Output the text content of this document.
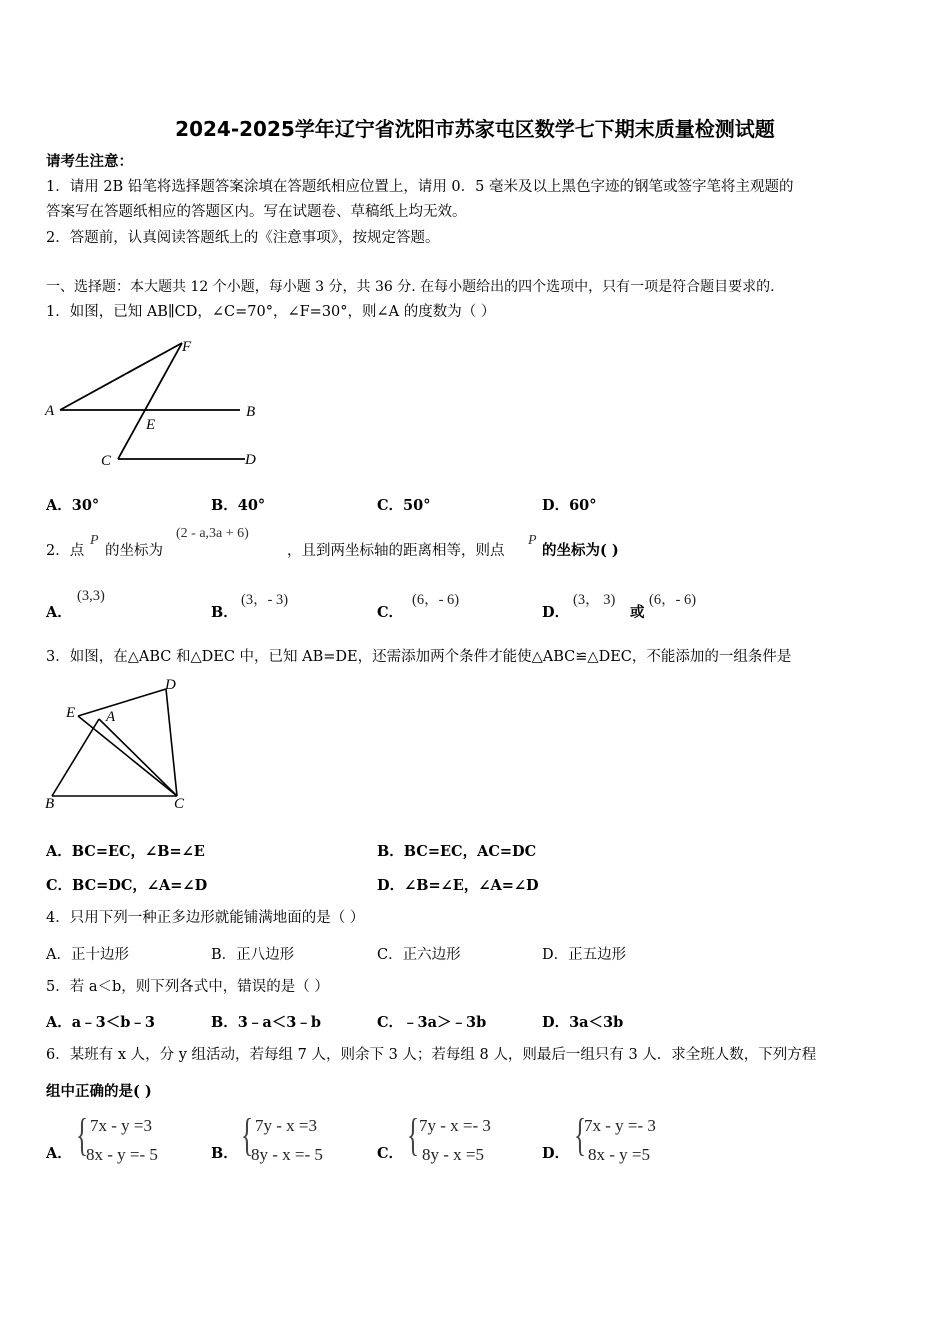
2024-2025学年辽宁省沈阳市苏家屯区数学七下期末质量检测试题
请考生注意：
1．请用 2B 铅笔将选择题答案涂填在答题纸相应位置上，请用 0．5 毫米及以上黑色字迹的钢笔或签字笔将主观题的
答案写在答题纸相应的答题区内。写在试题卷、草稿纸上均无效。
2．答题前，认真阅读答题纸上的《注意事项》，按规定答题。
一、选择题：本大题共 12 个小题，每小题 3 分，共 36 分. 在每小题给出的四个选项中，只有一项是符合题目要求的.
1．如图，已知 AB∥CD，∠C=70°，∠F=30°，则∠A 的度数为（ ）
F
A	B
E
C	D
A．30°	B．40°	C．50°	D．60°
2．点
P
的坐标为
(2 - a,3a + 6)
，且到两坐标轴的距离相等，则点
P
的坐标为( )
A．
(3,3)
B．
(3，- 3)
C．
(6，- 6)
D．
(3， 3)
或
(6，- 6)
3．如图，在△ABC 和△DEC 中，已知 AB=DE，还需添加两个条件才能使△ABC≌△DEC，不能添加的一组条件是
D
E A
B	C
A．BC=EC，∠B=∠E	B．BC=EC，AC=DC
C．BC=DC，∠A=∠D	D．∠B=∠E，∠A=∠D
4．只用下列一种正多边形就能铺满地面的是（ ）
A．正十边形	B．正八边形	C．正六边形	D．正五边形
5．若 a＜b，则下列各式中，错误的是（ ）
A．a﹣3＜b﹣3	B．3﹣a＜3﹣b	C．﹣3a＞﹣3b	D．3a＜3b
6．某班有 x 人，分 y 组活动，若每组 7 人，则余下 3 人；若每组 8 人，则最后一组只有 3 人．求全班人数，下列方程
组中正确的是( )
A． { 7x - y =3
8x - y =- 5	B． { 7y - x =3
8y - x =- 5	C． { 7y - x =- 3
8y - x =5	D． {
7x - y =- 3
8x - y =5
